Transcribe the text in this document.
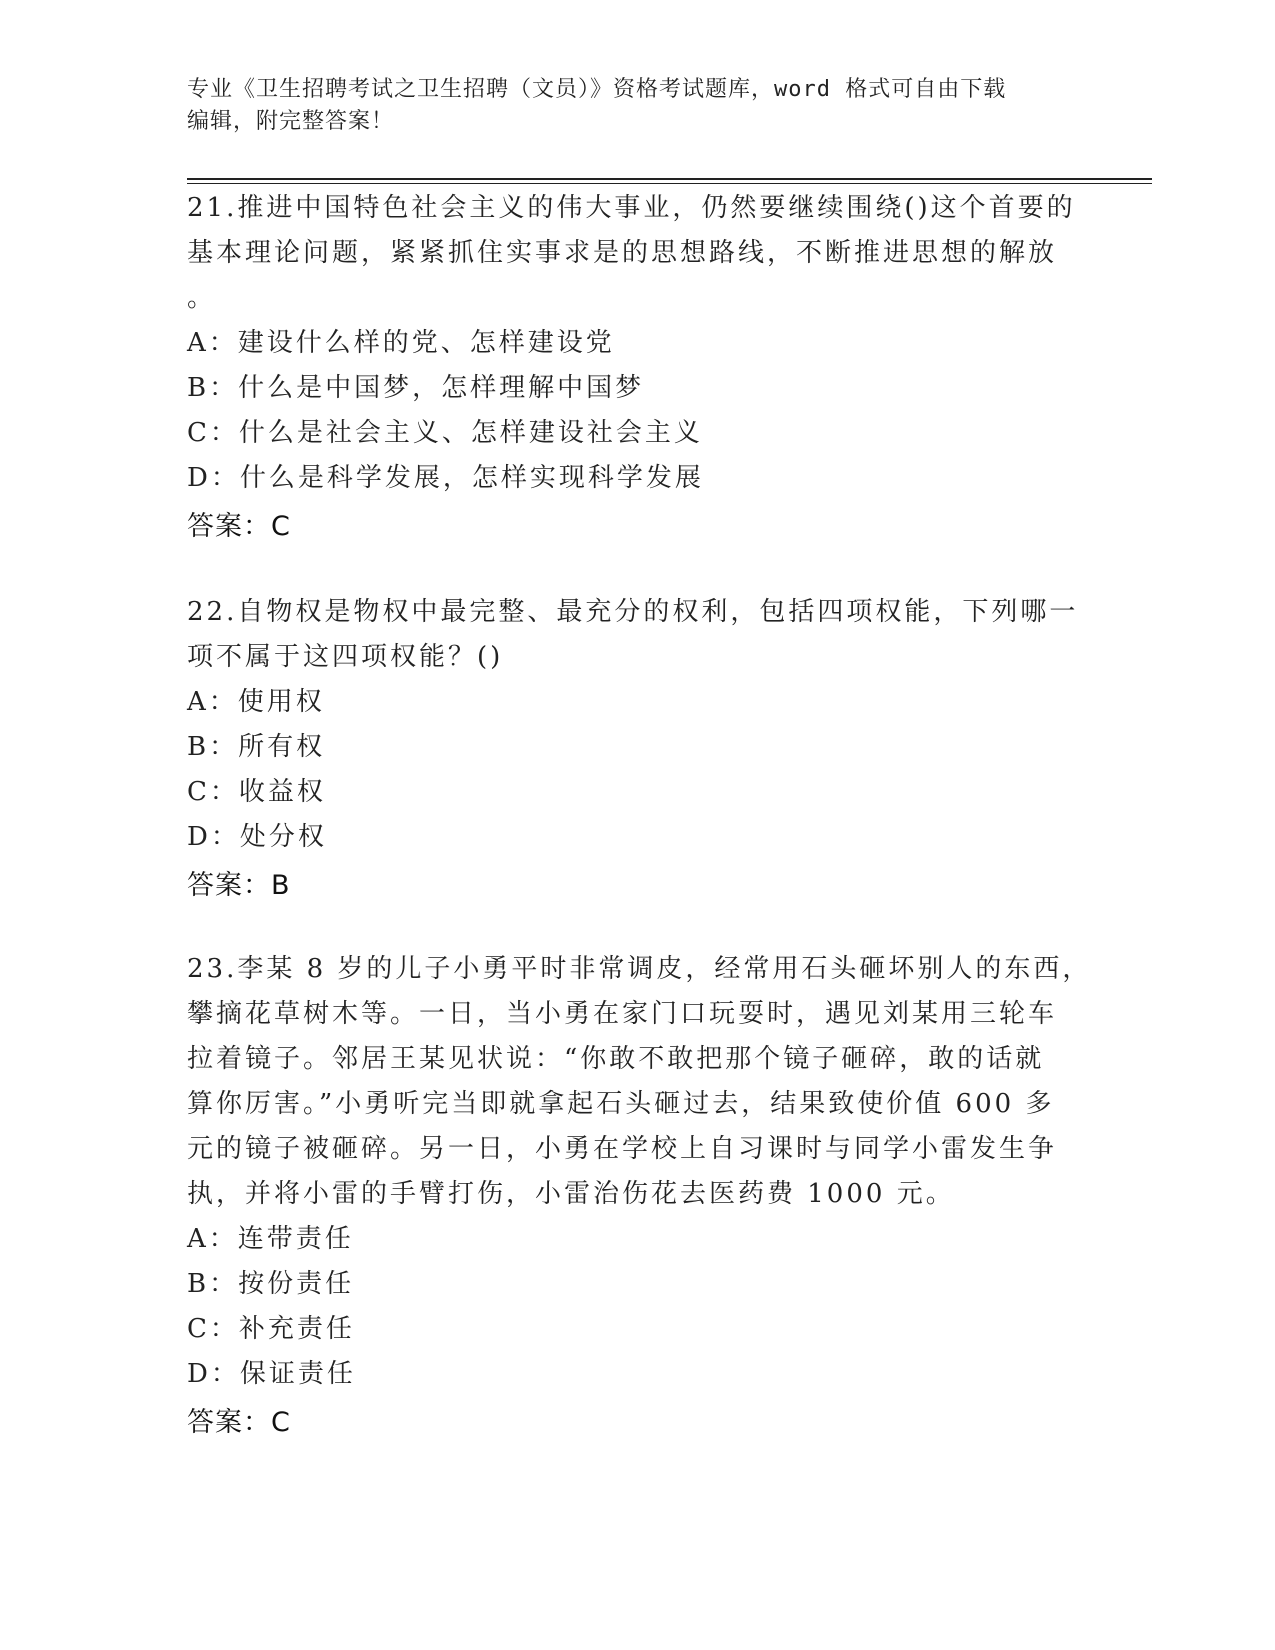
专业《卫生招聘考试之卫生招聘（文员）》资格考试题库，word 格式可自由下载
编辑，附完整答案！
21.推进中国特色社会主义的伟大事业，仍然要继续围绕()这个首要的
基本理论问题，紧紧抓住实事求是的思想路线，不断推进思想的解放
。
A：建设什么样的党、怎样建设党
B：什么是中国梦，怎样理解中国梦
C：什么是社会主义、怎样建设社会主义
D：什么是科学发展，怎样实现科学发展
答案：C
22.自物权是物权中最完整、最充分的权利，包括四项权能，下列哪一
项不属于这四项权能？()
A：使用权
B：所有权
C：收益权
D：处分权
答案：B
23.李某 8 岁的儿子小勇平时非常调皮，经常用石头砸坏别人的东西，
攀摘花草树木等。一日，当小勇在家门口玩耍时，遇见刘某用三轮车
拉着镜子。邻居王某见状说：“你敢不敢把那个镜子砸碎，敢的话就
算你厉害。”小勇听完当即就拿起石头砸过去，结果致使价值 600 多
元的镜子被砸碎。另一日，小勇在学校上自习课时与同学小雷发生争
执，并将小雷的手臂打伤，小雷治伤花去医药费 1000 元。
A：连带责任
B：按份责任
C：补充责任
D：保证责任
答案：C
